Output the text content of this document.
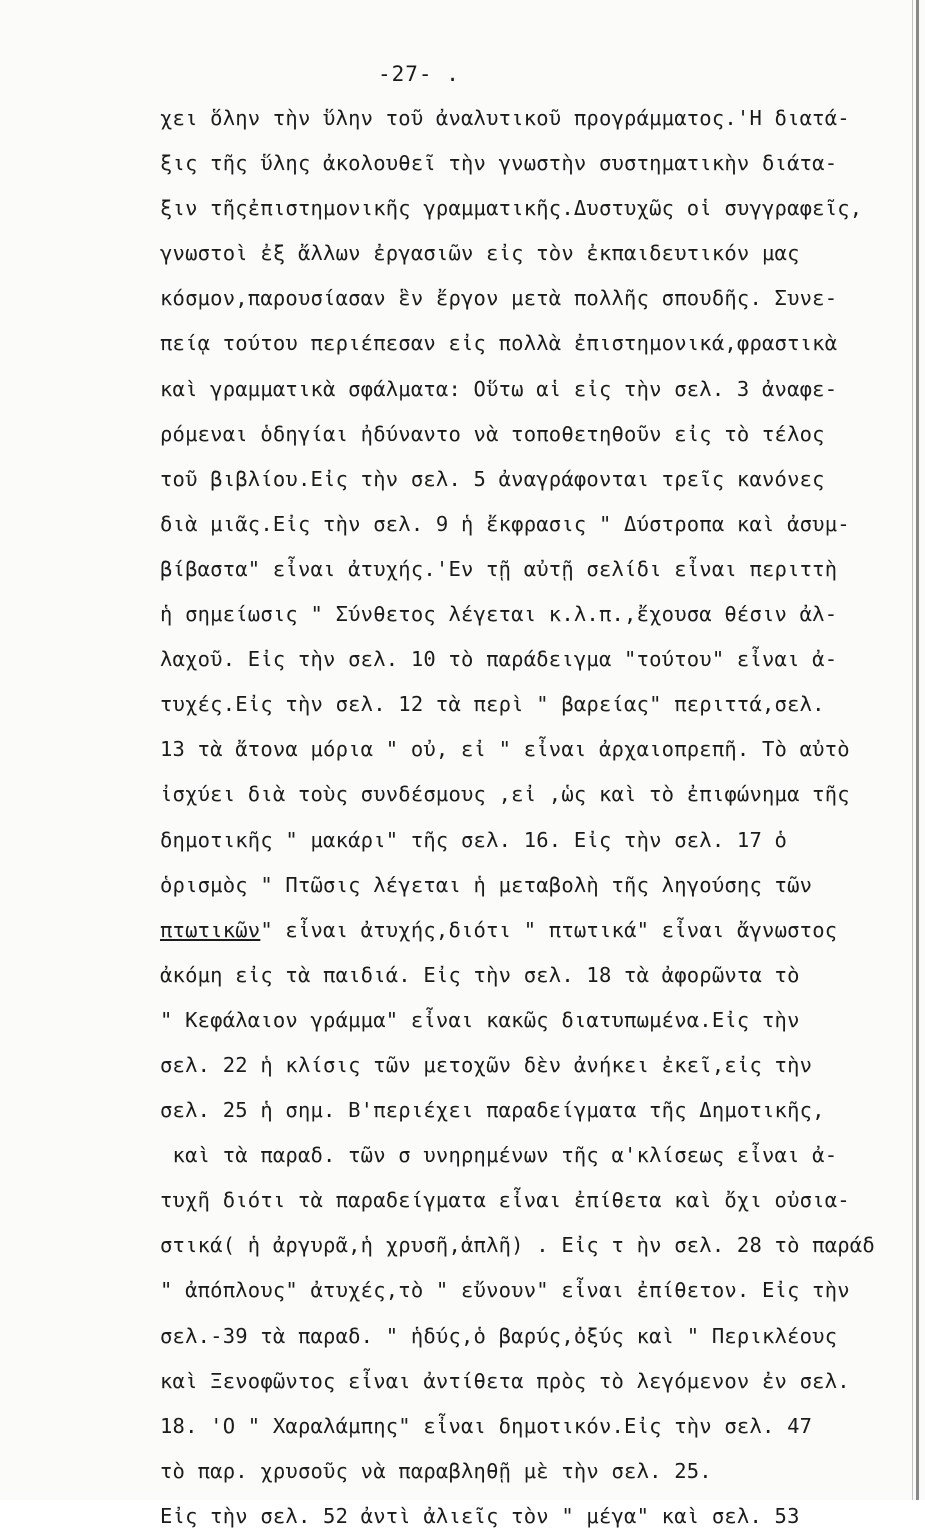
-27- .
χει ὅλην τὴν ὕλην τοῦ ἀναλυτικοῦ προγράμματος.'Η διατά-
ξις τῆς ὕλης ἀκολουθεῖ τὴν γνωστὴν συστηματικὴν διάτα-
ξιν τῆςἐπιστημονικῆς γραμματικῆς.Δυστυχῶς οἱ συγγραφεῖς,
γνωστοὶ ἐξ ἄλλων ἐργασιῶν εἰς τὸν ἐκπαιδευτικόν μας
κόσμον,παρουσίασαν ἓν ἔργον μετὰ πολλῆς σπουδῆς. Συνε-
πείᾳ τούτου περιέπεσαν εἰς πολλὰ ἐπιστημονικά,φραστικὰ
καὶ γραμματικὰ σφάλματα: Οὕτω αἱ εἰς τὴν σελ. 3 ἀναφε-
ρόμεναι ὁδηγίαι ἠδύναντο νὰ τοποθετηθοῦν εἰς τὸ τέλος
τοῦ βιβλίου.Εἰς τὴν σελ. 5 ἀναγράφονται τρεῖς κανόνες
διὰ μιᾶς.Εἰς τὴν σελ. 9 ἡ ἔκφρασις " Δύστροπα καὶ ἀσυμ-
βίβαστα" εἶναι ἀτυχής.'Εν τῇ αὐτῇ σελίδι εἶναι περιττὴ
ἡ σημείωσις " Σύνθετος λέγεται κ.λ.π.,ἔχουσα θέσιν ἀλ-
λαχοῦ. Εἰς τὴν σελ. 10 τὸ παράδειγμα "τούτου" εἶναι ἀ-
τυχές.Εἰς τὴν σελ. 12 τὰ περὶ " βαρείας" περιττά,σελ.
13 τὰ ἄτονα μόρια " οὐ, εἰ " εἶναι ἀρχαιοπρεπῆ. Τὸ αὐτὸ
ἰσχύει διὰ τοὺς συνδέσμους ,εἰ ,ὡς καὶ τὸ ἐπιφώνημα τῆς
δημοτικῆς " μακάρι" τῆς σελ. 16. Εἰς τὴν σελ. 17 ὁ
ὁρισμὸς " Πτῶσις λέγεται ἡ μεταβολὴ τῆς ληγούσης τῶν
πτωτικῶν" εἶναι ἀτυχής,διότι " πτωτικά" εἶναι ἄγνωστος
ἀκόμη εἰς τὰ παιδιά. Εἰς τὴν σελ. 18 τὰ ἀφορῶντα τὸ
" Κεφάλαιον γράμμα" εἶναι κακῶς διατυπωμένα.Εἰς τὴν
σελ. 22 ἡ κλίσις τῶν μετοχῶν δὲν ἀνήκει ἐκεῖ,εἰς τὴν
σελ. 25 ἡ σημ. Β'περιέχει παραδείγματα τῆς Δημοτικῆς,
καὶ τὰ παραδ. τῶν σ υνηρημένων τῆς α'κλίσεως εἶναι ἀ-
τυχῆ διότι τὰ παραδείγματα εἶναι ἐπίθετα καὶ ὄχι οὐσια-
στικά( ἡ ἀργυρᾶ,ἡ χρυσῆ,ἁπλῆ) . Εἰς τ ὴν σελ. 28 τὸ παράδ
" ἀπόπλους" ἀτυχές,τὸ " εὔνουν" εἶναι ἐπίθετον. Εἰς τὴν
σελ.-39 τὰ παραδ. " ἡδύς,ὁ βαρύς,ὀξύς καὶ " Περικλέους
καὶ Ξενοφῶντος εἶναι ἀντίθετα πρὸς τὸ λεγόμενον ἐν σελ.
18. 'Ο " Χαραλάμπης" εἶναι δημοτικόν.Εἰς τὴν σελ. 47
τὸ παρ. χρυσοῦς νὰ παραβληθῇ μὲ τὴν σελ. 25.
Εἰς τὴν σελ. 52 ἀντὶ ἀλιεῖς τὸν " μέγα" καὶ σελ. 53
